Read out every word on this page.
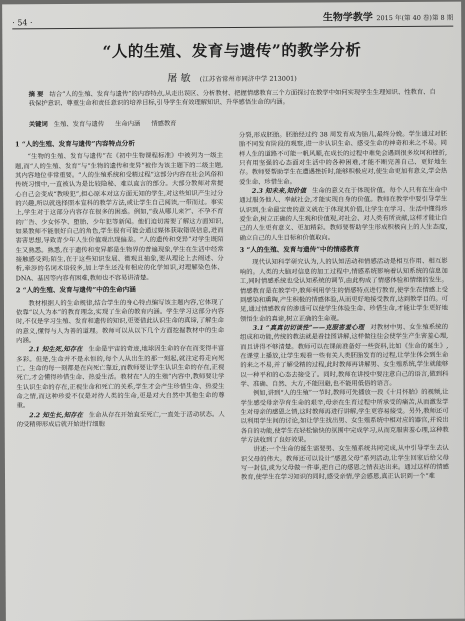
· 54 ·	生物学教学 2015 年(第 40 卷)第 8 期
“人的生殖、发育与遗传”的教学分析
屠 敏 (江苏省常州市同济中学 213001)
摘 要 结合“人的生殖、发育与遗传”的内容特点,从走出误区、分析教材、把握情感教育三个方面探讨在教学中如何实现学生生理知识、性教育、自我保护意识、尊重生命和责任意识的培养目标,引导学生有效理解知识、升华感悟生命的内涵。
关键词 生殖、发育与遗传 生命内涵 情感教育

1 “人的生殖、发育与遗传”内容特点分析

“生物的生殖、发育与遗传”在《初中生物课程标准》中被列为一级主题,而“人的生殖、发育”与“生物的遗传和变异”被作为该主题下的二级主题,其内容地位非常重要。“人的生殖系统和受精过程”这部分内容在社会风俗和传统习惯中,一直被认为是比较隐秘、难以直言的部分。大部分教师对常提心自己会变成“教唆犯”,担心原本对这方面无知的学生,对这些知识产生过分的兴趣,所以就选择照本宣科的教学方法,或让学生自己阅读,一带而过。事实上,学生对于这部分内容存在很多的困惑。例如,“我从哪儿来?”、不孕不育的广告、少女怀孕、堕胎、少年犯等新闻。他们迫切需要了解这方面知识,如果教师不能很好自己的角色,学生很有可能会通过媒体获取错误信息,进而害害思想,导致青少年人生价值观出现偏差。“人的遗传和变异”对学生既陌生又熟悉。熟悉,在于遗传和变异都是生物界的普遍现象,学生在生活中经常接触感受到;陌生,在于这些知识发展、微观且抽象,要从理论上去阐述、分析,牵涉的名词术语较多,加上学生还没有相应的化学知识,对理解染色体、DNA、基因等内容有困难,教师也不容易讲清楚。

2 “人的生殖、发育与遗传”中的生命内涵

教材根据人的生命规律,结合学生的身心特点编写该主题内容,它体现了依靠“以人为本”的教育理念,实现了生命的教育内涵。学生学习这部分内容时,不仅是学习生殖、发育和遗传的知识,更要借此认识生命的真谛,了解生命的意义,懂得与人为善的道理。教师可以从以下几个方面挖掘教材中的生命内涵。

2.1 知生死,知存在 生命是宇宙的奇迹,地球因生命的存在而变得丰富多彩。但是,生命并不是永恒的,每个人从出生的那一刻起,就注定将走向死亡。生命的每一刻都是在向死亡靠近,而教师要让学生认识生命的存在,正视死亡,才会懂得珍惜生命、热爱生活。教材在“人的生殖”内容中,教师要让学生认识生命的存在,正视生命和死亡的关系,学生才会产生珍惜生命、热爱生命之情,而这种珍爱不仅是对待人类的生命,更是对大自然中其他生命的尊重。

2.2 知生长,知存在 生命从存在开始直至死亡,一直处于活动状态。人的受精卵形成后就开始进行细胞

分裂,形成胚胎。胚胎经过约 38 周发育成为胎儿,最终分娩。学生通过对胚胎不同发育阶段的观察,进一步认识生命、感受生命的神奇和来之不易。同样人生的道路不可能一帆风顺,在成长的过程中难免会遇到很多坎坷和挫折,只有用坚强的心态面对生活中的各种困难,才能不断完善自己、更好地生存。教师要帮助学生在遭遇挫折时,能够积极应对,使生命更加有意义,学会热爱生命、珍惜生命。

2.3 知未来,知价值 生命的意义在于体现价值。每个人只有在生命中通过服务他人、奉献社会,才能实现自身的价值。教师在教学中要引导学生认识到,生命最宝贵的意义就在于体现其价值,让学生在学习、生活中懂得珍爱生命,树立正确的人生观和价值观,对社会、对人类有所贡献,这样才能让自己的人生更有意义、更加精彩。教师要帮助学生形成积极向上的人生态度,确立自己的人生目标和价值取向。

3 “人的生殖、发育与遗传”中的情感教育

现代认知科学研究认为,人的认知活动和情感活动是相互作用、相互影响的。人类的大脑对信息的加工过程中,情感系统影响着认知系统的信息加工,同时情感系统也受认知系统的调节,由此构成了情感体验和情绪的发生。情感教育是在教学中,教师利用学生的情感特点进行教育,使学生在情感上受到感染和熏陶,产生积极的情感体验,从而更好地接受教育,达到教学目的。可见,通过情感教育的渗透可以使学生体验生命、珍惜生命,才能让学生更好地领悟生命的真谛,树立正确的生命观。

3.1 “真真切切谈性”——克服害羞心理 对教材中男、女生殖系统的组成和功能,传统的教法就是看挂图讲解,这样做往往会使学生产生害羞心理,而且讲得不够清楚。教师可以在课前准备好一些资料,比如《生命的诞生》,在课堂上播放,让学生观看一些有关人类胚胎发育的过程,让学生体会到生命的来之不易,并了解受精的过程,此时教师再讲解男、女生殖系统,学生就能够以一种平和的心态去接受了。同时,教师在讲授中要注意自己的语言,做到科学、准确、自然、大方,不能回避,也不能用低俗的语言。

例如,讲到“人的生殖”一节时,教师可先播放一段《十月怀胎》的视频,让学生感受母亲孕育生命的艰辛,母亲在生育过程中所承受的痛苦,从而激发学生对母亲的感恩之情,这时教师再进行讲解,学生更容易接受。另外,教师还可以利用学生间的讨论,如让学生找出男、女生殖系统中相对应的器官,并说出各自的功能,使学生在轻松愉快的氛围中完成学习,从而克服害羞心理,这种教学方法收到了良好效果。

讲述:一个生命的诞生需要男、女生殖系统共同完成,从中引导学生去认识父母的伟大。教师还可以设计“感恩父母”系列活动,让学生回家后给父母写一封信,或为父母做一件事,把自己的感恩之情表达出来。通过这样的情感教育,使学生在学习知识的同时,感受亲情,学会感恩,真正认识到一个“难
